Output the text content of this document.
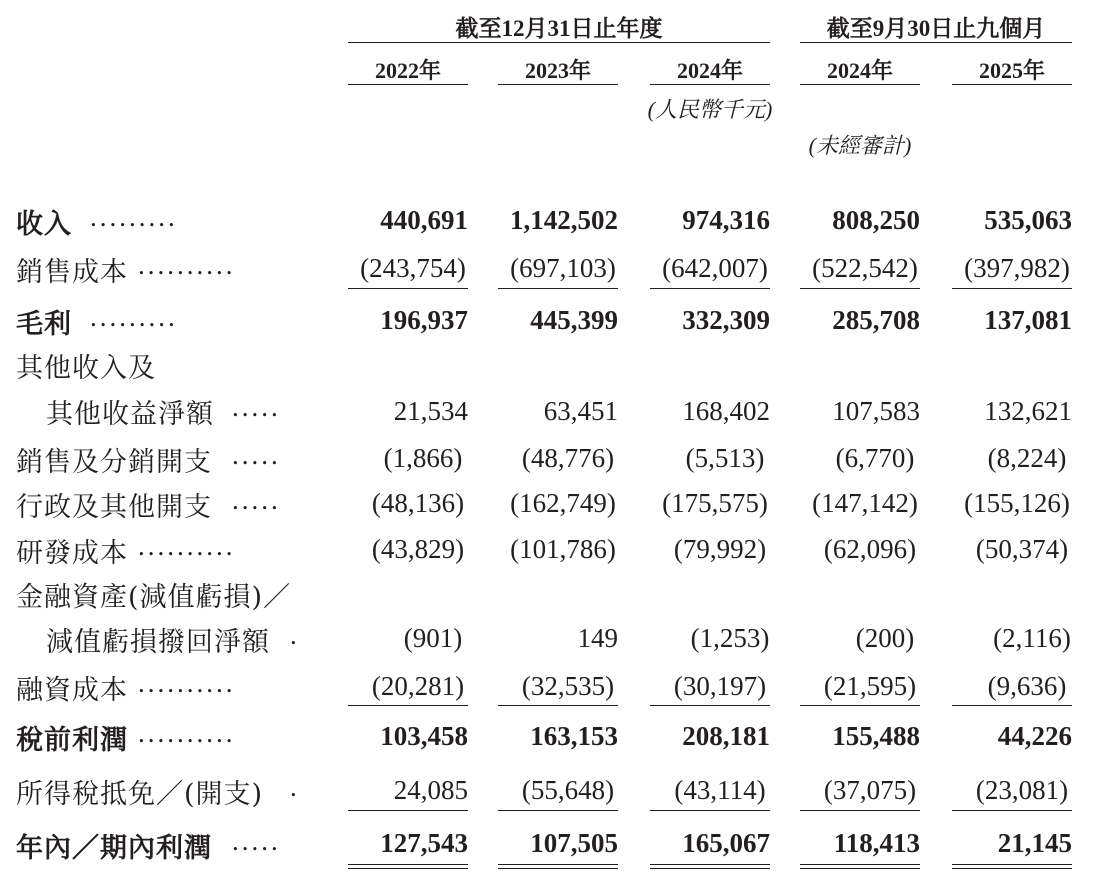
截至12月31日止年度	截至9月30日止九個月
2022年	2023年	2024年	2024年	2025年
(人民幣千元)
(未經審計)
收入 .........	440,691	1,142,502	974,316	808,250	535,063
銷售成本 ..........	(243,754)	(697,103)	(642,007)	(522,542)	(397,982)
毛利 .........	196,937	445,399	332,309	285,708	137,081
其他收入及
其他收益淨額 .....	21,534	63,451	168,402	107,583	132,621
銷售及分銷開支 .....	(1,866)	(48,776)	(5,513)	(6,770)	(8,224)
行政及其他開支 .....	(48,136)	(162,749)	(175,575)	(147,142)	(155,126)
研發成本 ..........	(43,829)	(101,786)	(79,992)	(62,096)	(50,374)
金融資產(減值虧損)／
減值虧損撥回淨額 .	(901)	149	(1,253)	(200)	(2,116)
融資成本 ..........	(20,281)	(32,535)	(30,197)	(21,595)	(9,636)
稅前利潤 ..........	103,458	163,153	208,181	155,488	44,226
所得稅抵免／(開支) .	24,085	(55,648)	(43,114)	(37,075)	(23,081)
年內／期內利潤 .....	127,543	107,505	165,067	118,413	21,145
